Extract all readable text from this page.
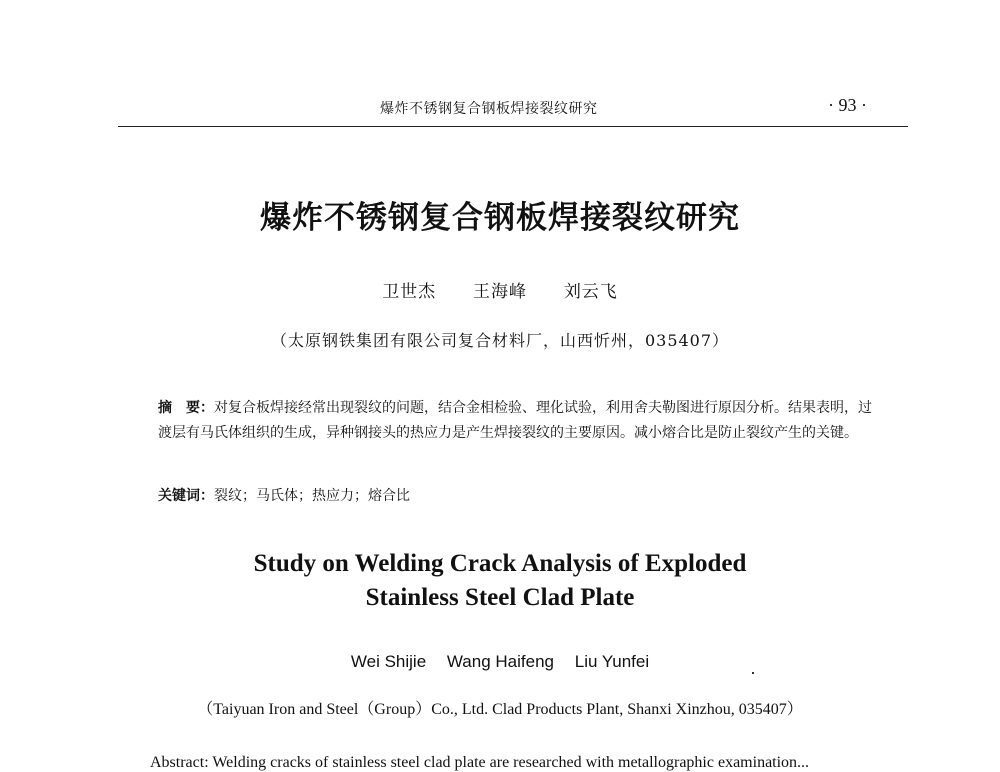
爆炸不锈钢复合钢板焊接裂纹研究	· 93 ·
爆炸不锈钢复合钢板焊接裂纹研究
卫世杰 王海峰 刘云飞
（太原钢铁集团有限公司复合材料厂，山西忻州，035407）
摘　要：对复合板焊接经常出现裂纹的问题，结合金相检验、理化试验，利用舍夫勒图进行原因分析。结果表明，过渡层有马氏体组织的生成，异种钢接头的热应力是产生焊接裂纹的主要原因。减小熔合比是防止裂纹产生的关键。
关键词：裂纹；马氏体；热应力；熔合比
Study on Welding Crack Analysis of Exploded
Stainless Steel Clad Plate
Wei Shijie Wang Haifeng Liu Yunfei
（Taiyuan Iron and Steel（Group）Co., Ltd. Clad Products Plant, Shanxi Xinzhou, 035407）
Abstract: Welding cracks of stainless steel clad plate are researched with metallographic examination...
